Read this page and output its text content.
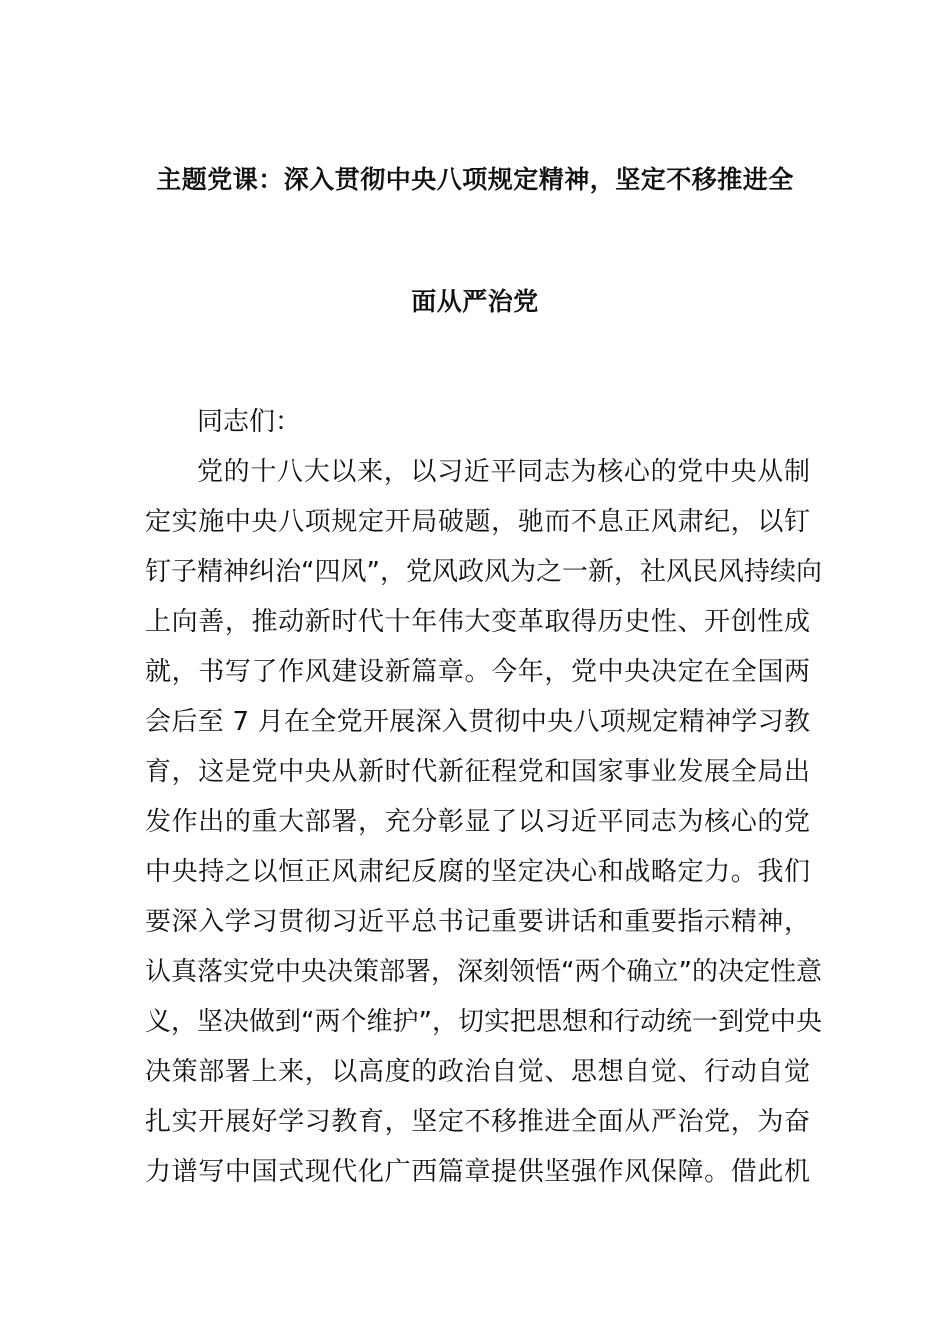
主题党课：深入贯彻中央八项规定精神，坚定不移推进全
面从严治党

同志们：

党的十八大以来，以习近平同志为核心的党中央从制
定实施中央八项规定开局破题，驰而不息正风肃纪，以钉
钉子精神纠治“四风”，党风政风为之一新，社风民风持续向
上向善，推动新时代十年伟大变革取得历史性、开创性成
就，书写了作风建设新篇章。今年，党中央决定在全国两
会后至 7 月在全党开展深入贯彻中央八项规定精神学习教
育，这是党中央从新时代新征程党和国家事业发展全局出
发作出的重大部署，充分彰显了以习近平同志为核心的党
中央持之以恒正风肃纪反腐的坚定决心和战略定力。我们
要深入学习贯彻习近平总书记重要讲话和重要指示精神，
认真落实党中央决策部署，深刻领悟“两个确立”的决定性意
义，坚决做到“两个维护”，切实把思想和行动统一到党中央
决策部署上来，以高度的政治自觉、思想自觉、行动自觉
扎实开展好学习教育，坚定不移推进全面从严治党，为奋
力谱写中国式现代化广西篇章提供坚强作风保障。借此机
